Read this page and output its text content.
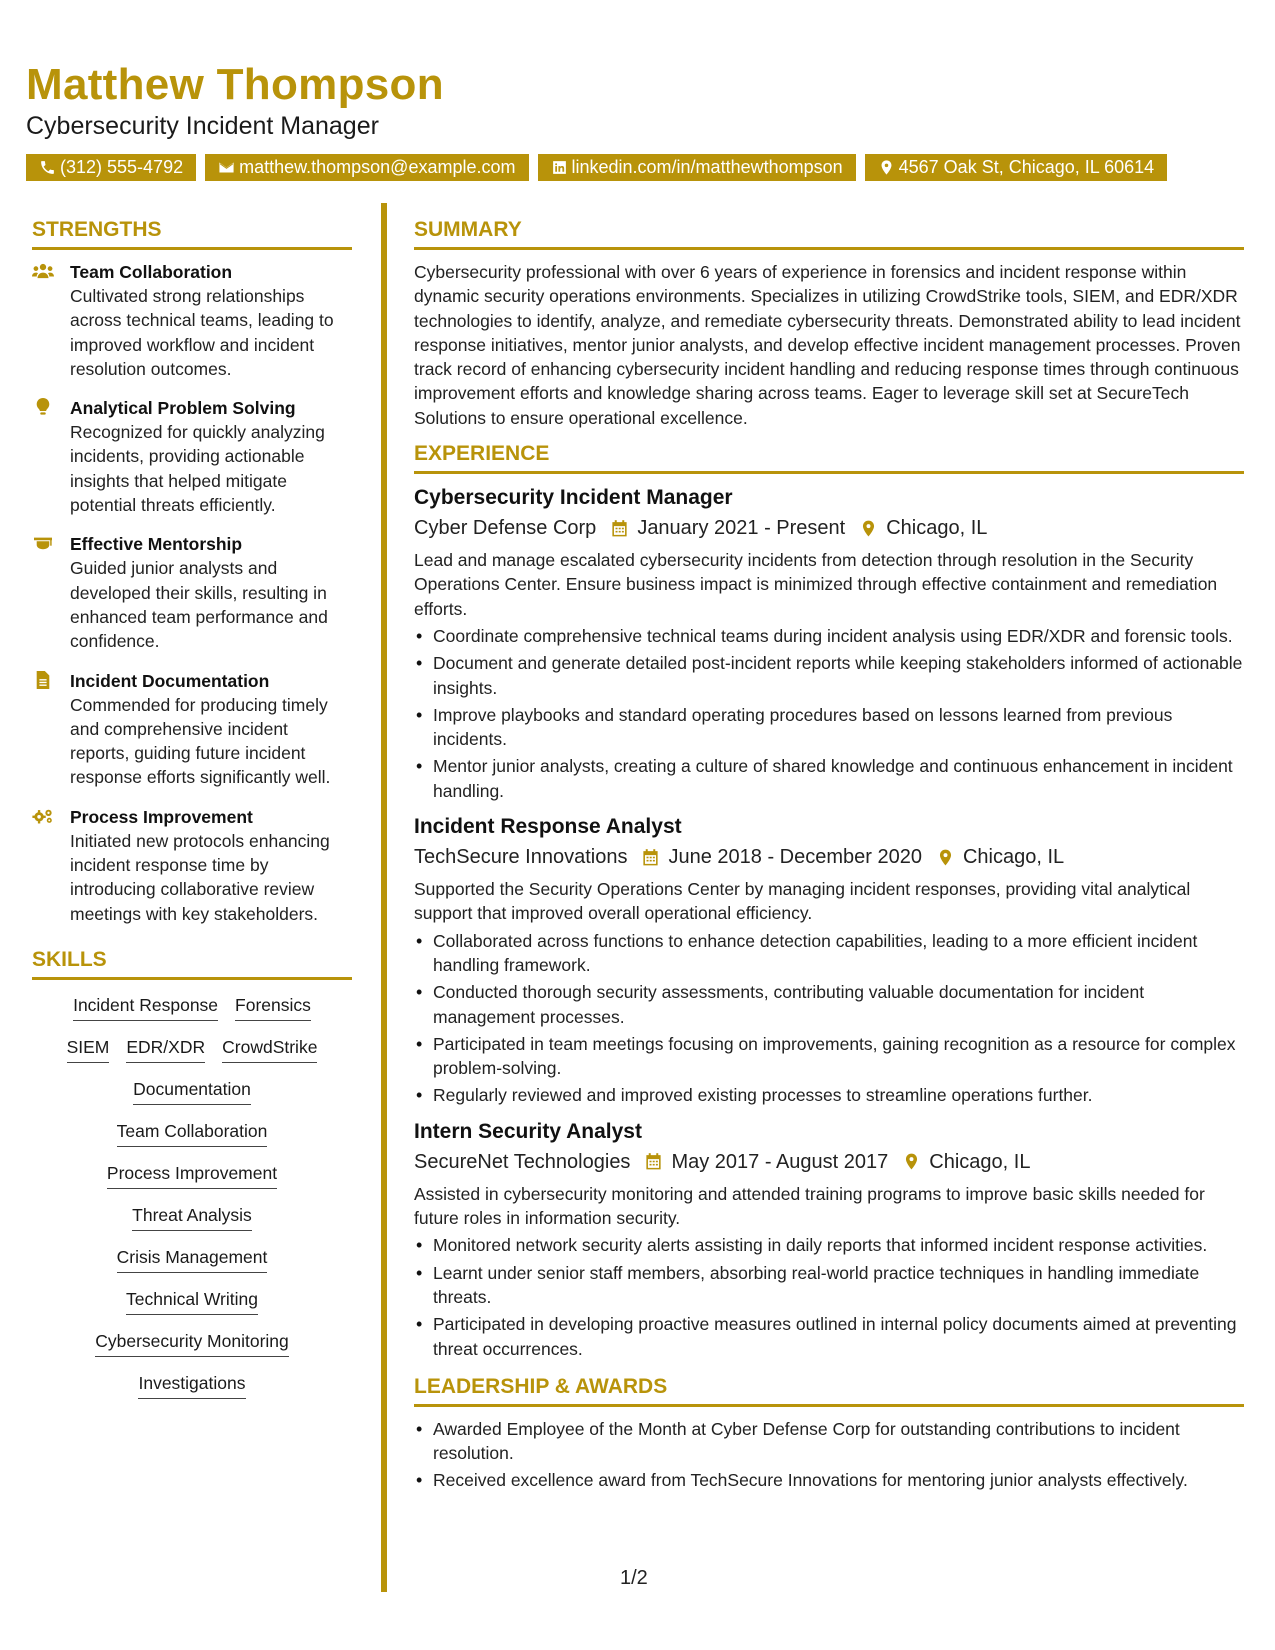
Matthew Thompson
Cybersecurity Incident Manager
(312) 555-4792	matthew.thompson@example.com	linkedin.com/in/matthewthompson	4567 Oak St, Chicago, IL 60614
STRENGTHS
Team Collaboration
Cultivated strong relationships across technical teams, leading to improved workflow and incident resolution outcomes.
Analytical Problem Solving
Recognized for quickly analyzing incidents, providing actionable insights that helped mitigate potential threats efficiently.
Effective Mentorship
Guided junior analysts and developed their skills, resulting in enhanced team performance and confidence.
Incident Documentation
Commended for producing timely and comprehensive incident reports, guiding future incident response efforts significantly well.
Process Improvement
Initiated new protocols enhancing incident response time by introducing collaborative review meetings with key stakeholders.
SKILLS
Incident Response Forensics
SIEM EDR/XDR CrowdStrike
Documentation
Team Collaboration
Process Improvement
Threat Analysis
Crisis Management
Technical Writing
Cybersecurity Monitoring
Investigations
SUMMARY
Cybersecurity professional with over 6 years of experience in forensics and incident response within dynamic security operations environments. Specializes in utilizing CrowdStrike tools, SIEM, and EDR/XDR technologies to identify, analyze, and remediate cybersecurity threats. Demonstrated ability to lead incident response initiatives, mentor junior analysts, and develop effective incident management processes. Proven track record of enhancing cybersecurity incident handling and reducing response times through continuous improvement efforts and knowledge sharing across teams. Eager to leverage skill set at SecureTech Solutions to ensure operational excellence.
EXPERIENCE
Cybersecurity Incident Manager
Cyber Defense Corp January 2021 - Present Chicago, IL
Lead and manage escalated cybersecurity incidents from detection through resolution in the Security Operations Center. Ensure business impact is minimized through effective containment and remediation efforts.
• Coordinate comprehensive technical teams during incident analysis using EDR/XDR and forensic tools.
• Document and generate detailed post-incident reports while keeping stakeholders informed of actionable insights.
• Improve playbooks and standard operating procedures based on lessons learned from previous incidents.
• Mentor junior analysts, creating a culture of shared knowledge and continuous enhancement in incident handling.
Incident Response Analyst
TechSecure Innovations June 2018 - December 2020 Chicago, IL
Supported the Security Operations Center by managing incident responses, providing vital analytical support that improved overall operational efficiency.
• Collaborated across functions to enhance detection capabilities, leading to a more efficient incident handling framework.
• Conducted thorough security assessments, contributing valuable documentation for incident management processes.
• Participated in team meetings focusing on improvements, gaining recognition as a resource for complex problem-solving.
• Regularly reviewed and improved existing processes to streamline operations further.
Intern Security Analyst
SecureNet Technologies May 2017 - August 2017 Chicago, IL
Assisted in cybersecurity monitoring and attended training programs to improve basic skills needed for future roles in information security.
• Monitored network security alerts assisting in daily reports that informed incident response activities.
• Learnt under senior staff members, absorbing real-world practice techniques in handling immediate threats.
• Participated in developing proactive measures outlined in internal policy documents aimed at preventing threat occurrences.
LEADERSHIP & AWARDS
• Awarded Employee of the Month at Cyber Defense Corp for outstanding contributions to incident resolution.
• Received excellence award from TechSecure Innovations for mentoring junior analysts effectively.
1/2
